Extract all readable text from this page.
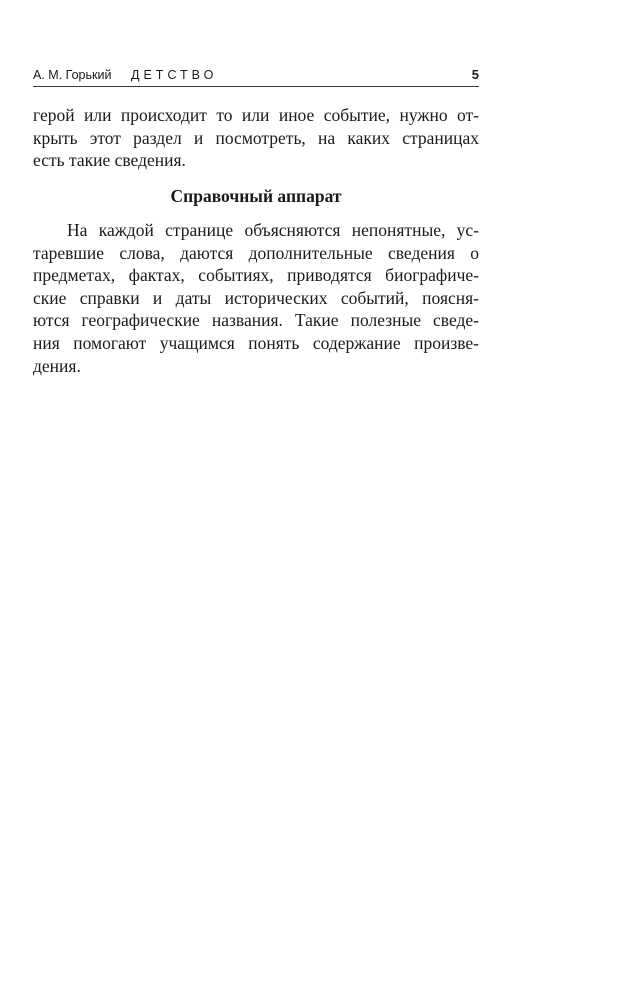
А. М. Горький ДЕТСТВО	5
герой или происходит то или иное событие, нужно от-
крыть этот раздел и посмотреть, на каких страницах
есть такие сведения.
Справочный аппарат
На каждой странице объясняются непонятные, ус-
таревшие слова, даются дополнительные сведения о
предметах, фактах, событиях, приводятся биографиче-
ские справки и даты исторических событий, поясня-
ются географические названия. Такие полезные сведе-
ния помогают учащимся понять содержание произве-
дения.
